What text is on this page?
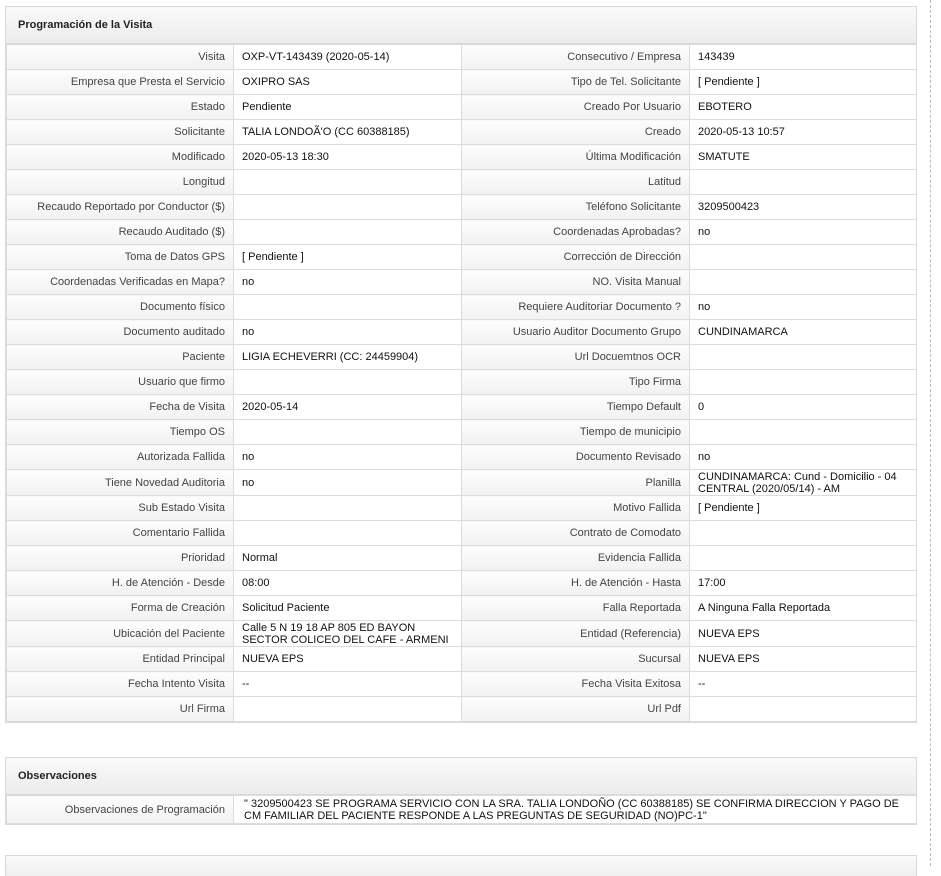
Programación de la Visita
Visita	OXP-VT-143439 (2020-05-14)	Consecutivo / Empresa	143439
Empresa que Presta el Servicio	OXIPRO SAS	Tipo de Tel. Solicitante	[ Pendiente ]
Estado	Pendiente	Creado Por Usuario	EBOTERO
Solicitante	TALIA LONDOÃ'O (CC 60388185)	Creado	2020-05-13 10:57
Modificado	2020-05-13 18:30	Última Modificación	SMATUTE
Longitud		Latitud	
Recaudo Reportado por Conductor ($)		Teléfono Solicitante	3209500423
Recaudo Auditado ($)		Coordenadas Aprobadas?	no
Toma de Datos GPS	[ Pendiente ]	Corrección de Dirección	
Coordenadas Verificadas en Mapa?	no	NO. Visita Manual	
Documento físico		Requiere Auditoriar Documento ?	no
Documento auditado	no	Usuario Auditor Documento Grupo	CUNDINAMARCA
Paciente	LIGIA ECHEVERRI (CC: 24459904)	Url Docuemtnos OCR	
Usuario que firmo		Tipo Firma	
Fecha de Visita	2020-05-14	Tiempo Default	0
Tiempo OS		Tiempo de municipio	
Autorizada Fallida	no	Documento Revisado	no
Tiene Novedad Auditoria	no	Planilla	CUNDINAMARCA: Cund - Domicilio - 04 CENTRAL (2020/05/14) - AM
Sub Estado Visita		Motivo Fallida	[ Pendiente ]
Comentario Fallida		Contrato de Comodato	
Prioridad	Normal	Evidencia Fallida	
H. de Atención - Desde	08:00	H. de Atención - Hasta	17:00
Forma de Creación	Solicitud Paciente	Falla Reportada	A Ninguna Falla Reportada
Ubicación del Paciente	Calle 5 N 19 18 AP 805 ED BAYON SECTOR COLICEO DEL CAFE - ARMENI	Entidad (Referencia)	NUEVA EPS
Entidad Principal	NUEVA EPS	Sucursal	NUEVA EPS
Fecha Intento Visita	--	Fecha Visita Exitosa	--
Url Firma		Url Pdf	
Observaciones
Observaciones de Programación	" 3209500423 SE PROGRAMA SERVICIO CON LA SRA. TALIA LONDOÑO (CC 60388185) SE CONFIRMA DIRECCION Y PAGO DE CM FAMILIAR DEL PACIENTE RESPONDE A LAS PREGUNTAS DE SEGURIDAD (NO)PC-1"
